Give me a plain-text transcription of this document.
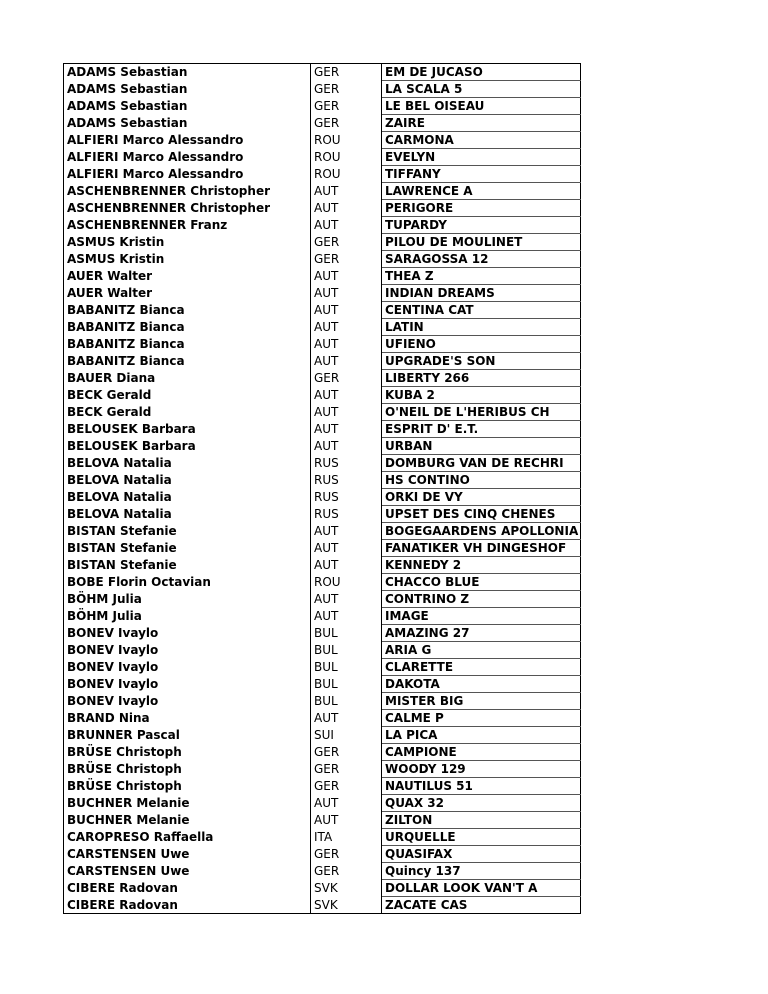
ADAMS Sebastian	GER	EM DE JUCASO
ADAMS Sebastian	GER	LA SCALA 5
ADAMS Sebastian	GER	LE BEL OISEAU
ADAMS Sebastian	GER	ZAIRE
ALFIERI Marco Alessandro	ROU	CARMONA
ALFIERI Marco Alessandro	ROU	EVELYN
ALFIERI Marco Alessandro	ROU	TIFFANY
ASCHENBRENNER Christopher	AUT	LAWRENCE A
ASCHENBRENNER Christopher	AUT	PERIGORE
ASCHENBRENNER Franz	AUT	TUPARDY
ASMUS Kristin	GER	PILOU DE MOULINET
ASMUS Kristin	GER	SARAGOSSA 12
AUER Walter	AUT	THEA Z
AUER Walter	AUT	INDIAN DREAMS
BABANITZ Bianca	AUT	CENTINA CAT
BABANITZ Bianca	AUT	LATIN
BABANITZ Bianca	AUT	UFIENO
BABANITZ Bianca	AUT	UPGRADE'S SON
BAUER Diana	GER	LIBERTY 266
BECK Gerald	AUT	KUBA 2
BECK Gerald	AUT	O'NEIL DE L'HERIBUS CH
BELOUSEK Barbara	AUT	ESPRIT D' E.T.
BELOUSEK Barbara	AUT	URBAN
BELOVA Natalia	RUS	DOMBURG VAN DE RECHRI
BELOVA Natalia	RUS	HS CONTINO
BELOVA Natalia	RUS	ORKI DE VY
BELOVA Natalia	RUS	UPSET DES CINQ CHENES
BISTAN Stefanie	AUT	BOGEGAARDENS APOLLONIA
BISTAN Stefanie	AUT	FANATIKER VH DINGESHOF
BISTAN Stefanie	AUT	KENNEDY 2
BOBE Florin Octavian	ROU	CHACCO BLUE
BÖHM Julia	AUT	CONTRINO Z
BÖHM Julia	AUT	IMAGE
BONEV Ivaylo	BUL	AMAZING 27
BONEV Ivaylo	BUL	ARIA G
BONEV Ivaylo	BUL	CLARETTE
BONEV Ivaylo	BUL	DAKOTA
BONEV Ivaylo	BUL	MISTER BIG
BRAND Nina	AUT	CALME P
BRUNNER Pascal	SUI	LA PICA
BRÜSE Christoph	GER	CAMPIONE
BRÜSE Christoph	GER	WOODY 129
BRÜSE Christoph	GER	NAUTILUS 51
BUCHNER Melanie	AUT	QUAX 32
BUCHNER Melanie	AUT	ZILTON
CAROPRESO Raffaella	ITA	URQUELLE
CARSTENSEN Uwe	GER	QUASIFAX
CARSTENSEN Uwe	GER	Quincy 137
CIBERE Radovan	SVK	DOLLAR LOOK VAN'T A
CIBERE Radovan	SVK	ZACATE CAS
